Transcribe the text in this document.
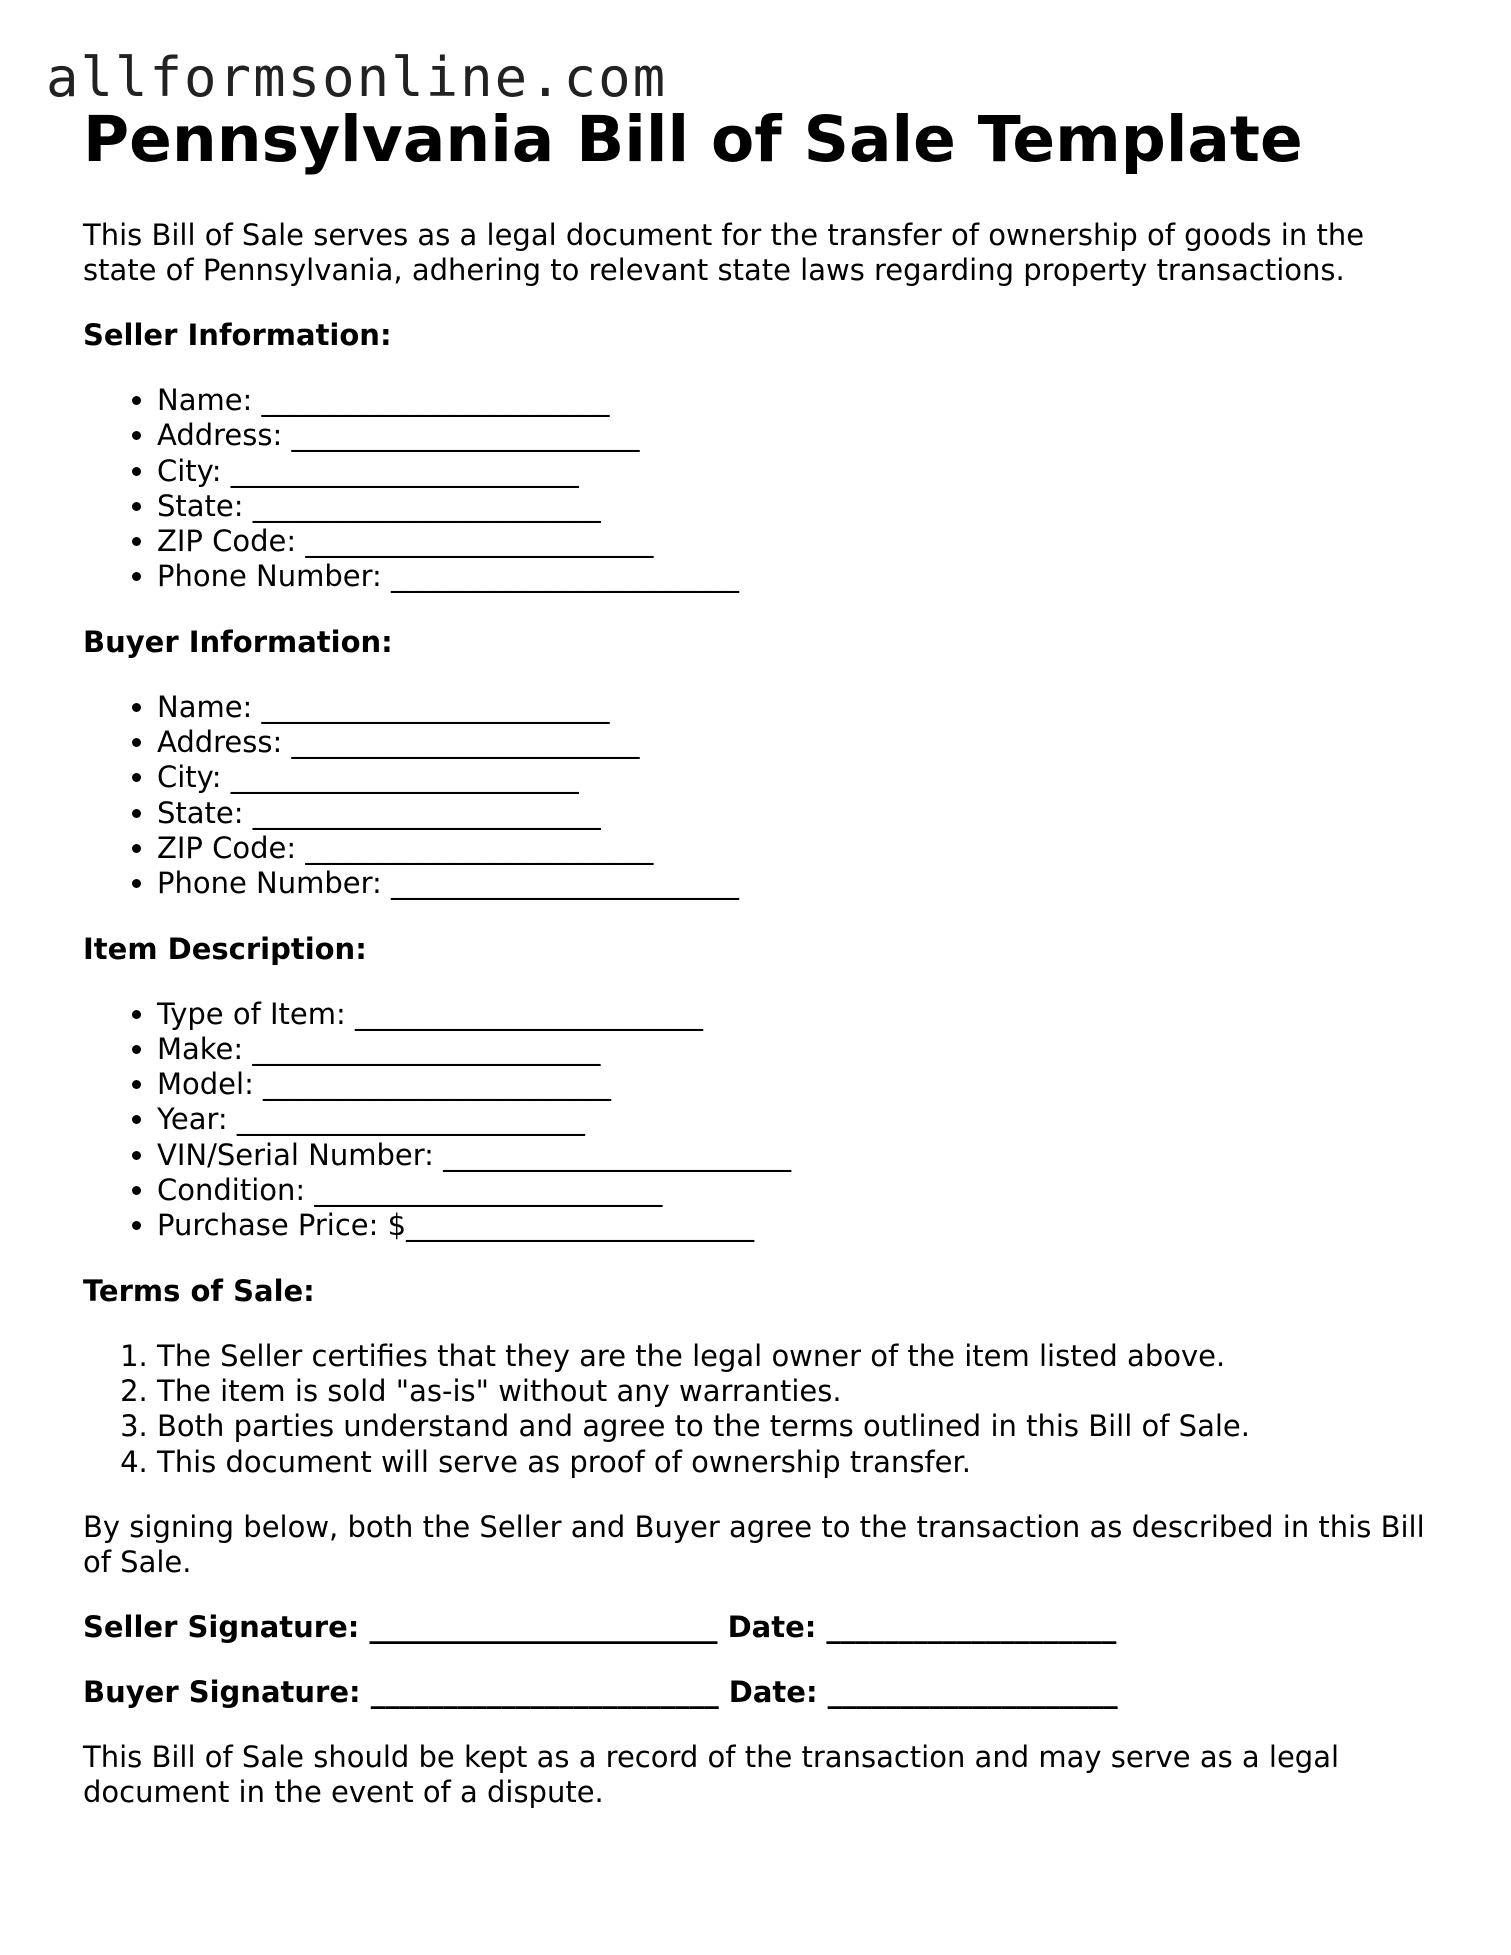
allformsonline.com
Pennsylvania Bill of Sale Template

This Bill of Sale serves as a legal document for the transfer of ownership of goods in the state of Pennsylvania, adhering to relevant state laws regarding property transactions.

Seller Information:
• Name: ________________________
• Address: ________________________
• City: ________________________
• State: ________________________
• ZIP Code: ________________________
• Phone Number: ________________________
Buyer Information:
• Name: ________________________
• Address: ________________________
• City: ________________________
• State: ________________________
• ZIP Code: ________________________
• Phone Number: ________________________
Item Description:
• Type of Item: ________________________
• Make: ________________________
• Model: ________________________
• Year: ________________________
• VIN/Serial Number: ________________________
• Condition: ________________________
• Purchase Price: $________________________
Terms of Sale:
1. The Seller certifies that they are the legal owner of the item listed above.
2. The item is sold "as-is" without any warranties.
3. Both parties understand and agree to the terms outlined in this Bill of Sale.
4. This document will serve as proof of ownership transfer.

By signing below, both the Seller and Buyer agree to the transaction as described in this Bill of Sale.

Seller Signature: ________________________ Date: ____________________
Buyer Signature: ________________________ Date: ____________________

This Bill of Sale should be kept as a record of the transaction and may serve as a legal document in the event of a dispute.
